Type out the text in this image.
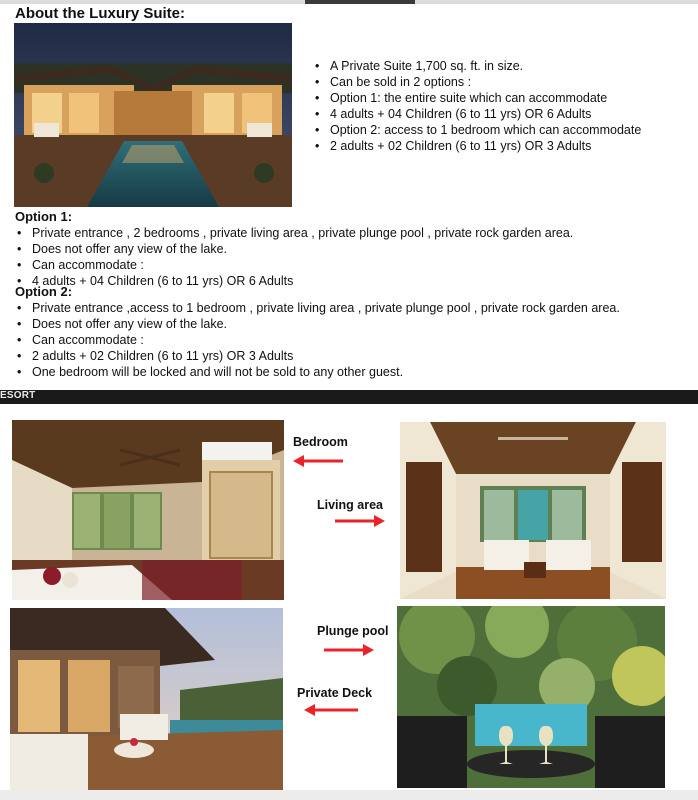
About the Luxury Suite:
• A Private Suite 1,700 sq. ft. in size.
• Can be sold in 2 options :
• Option 1: the entire suite which can accommodate
• 4 adults + 04 Children (6 to 11 yrs) OR 6 Adults
• Option 2: access to 1 bedroom which can accommodate
• 2 adults + 02 Children (6 to 11 yrs) OR 3 Adults
Option 1:
• Private entrance , 2 bedrooms , private living area , private plunge pool , private rock garden area.
• Does not offer any view of the lake.
• Can accommodate :
• 4 adults + 04 Children (6 to 11 yrs) OR 6 Adults
Option 2:
• Private entrance ,access to 1 bedroom , private living area , private plunge pool , private rock garden area.
• Does not offer any view of the lake.
• Can accommodate :
• 2 adults + 02 Children (6 to 11 yrs) OR 3 Adults
• One bedroom will be locked and will not be sold to any other guest.
ESORT
Bedroom
Living area
Plunge pool
Private Deck
